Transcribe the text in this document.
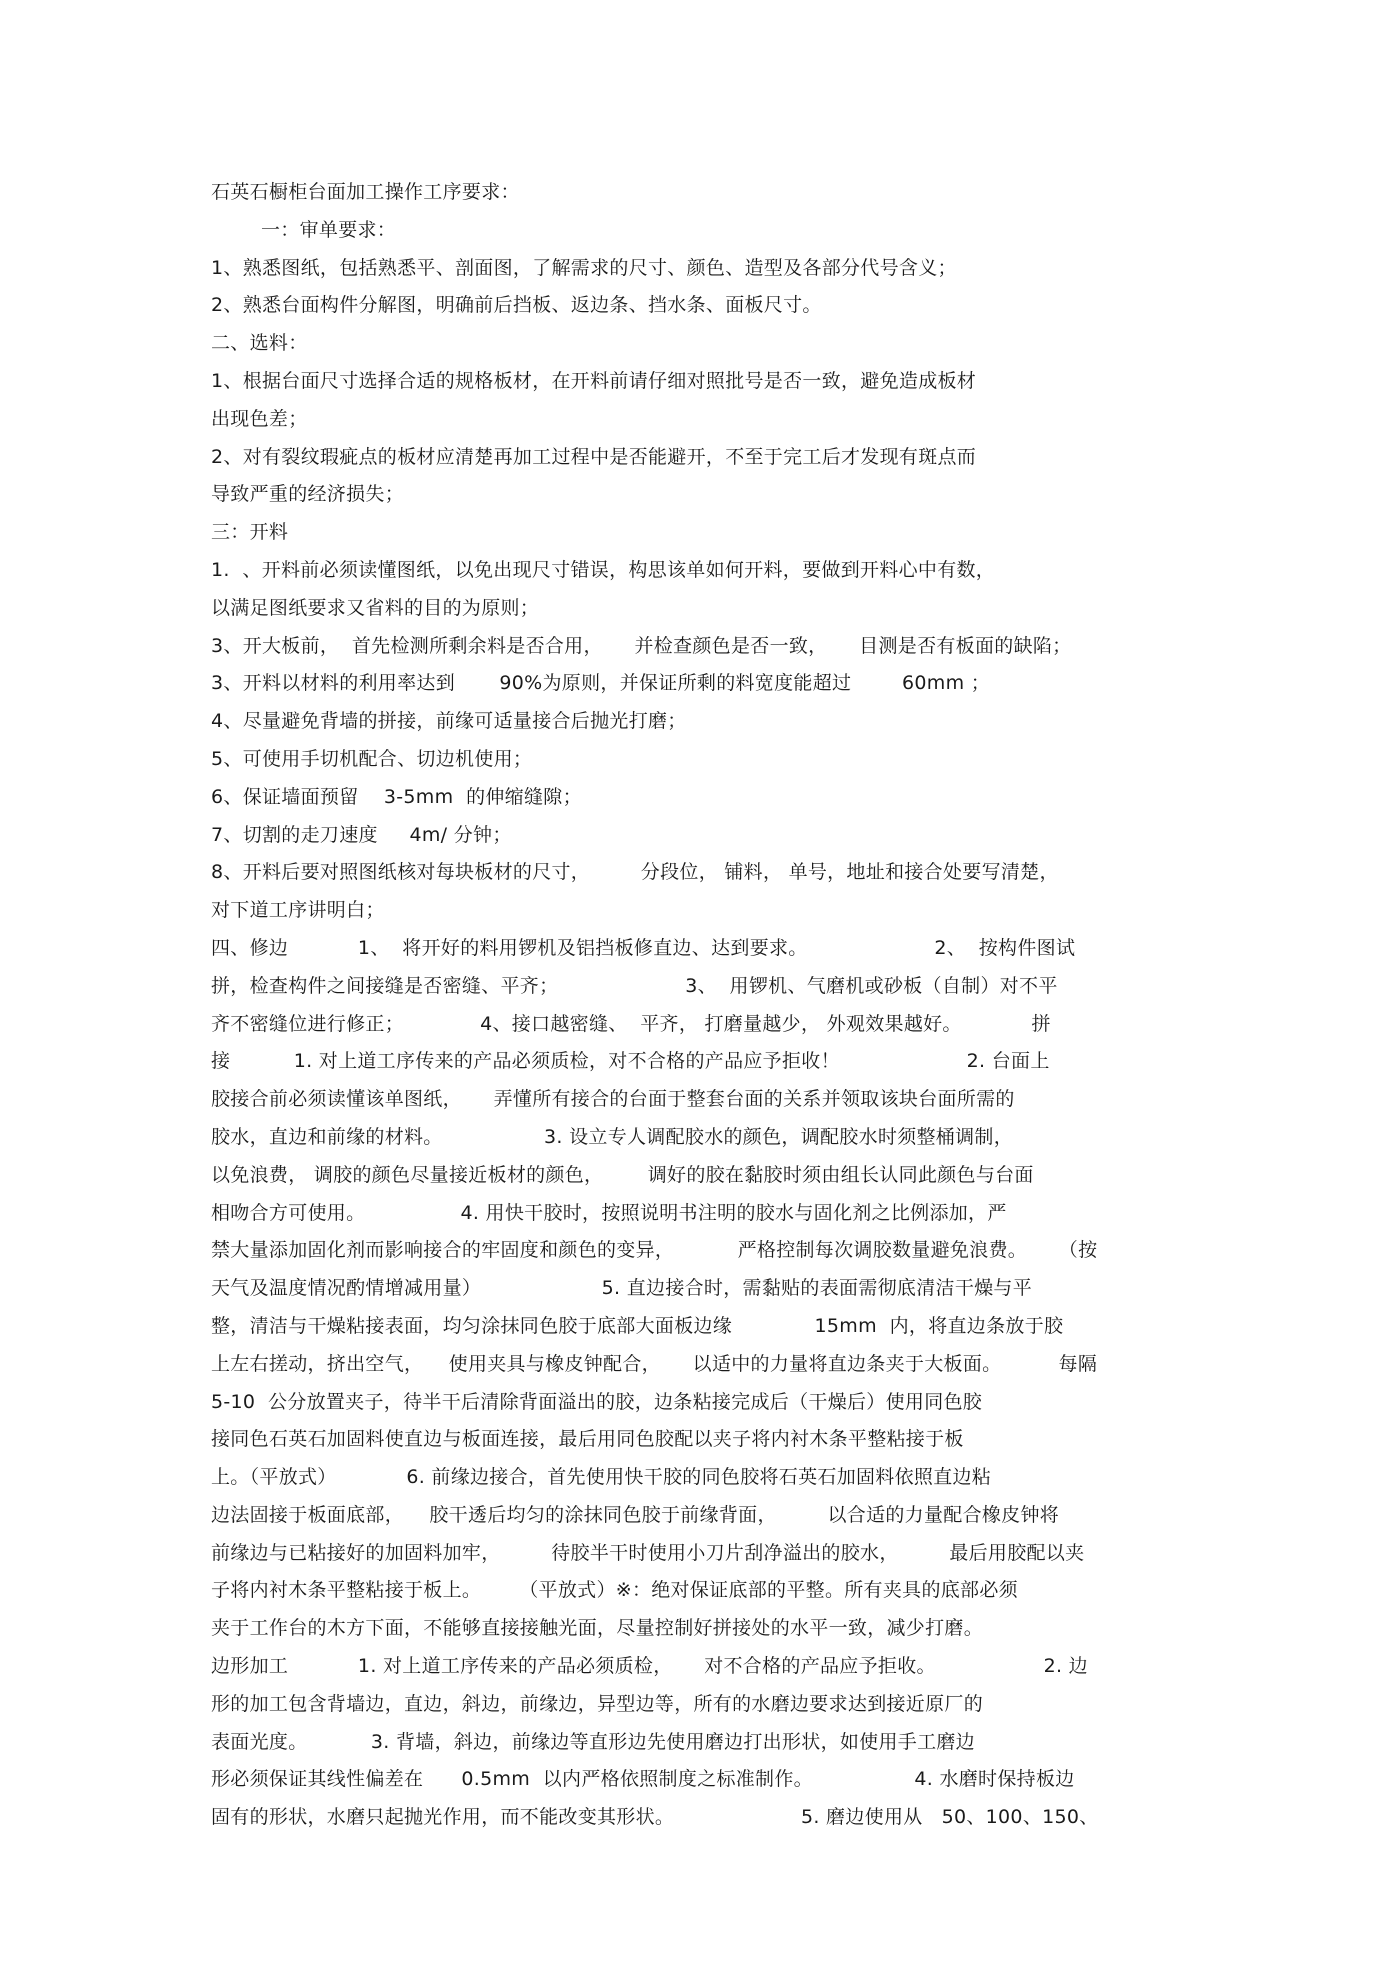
石英石橱柜台面加工操作工序要求：
一：审单要求：
1、熟悉图纸，包括熟悉平、剖面图，了解需求的尺寸、颜色、造型及各部分代号含义；
2、熟悉台面构件分解图，明确前后挡板、返边条、挡水条、面板尺寸。
二、选料：
1、根据台面尺寸选择合适的规格板材，在开料前请仔细对照批号是否一致，避免造成板材
出现色差；
2、对有裂纹瑕疵点的板材应清楚再加工过程中是否能避开，不至于完工后才发现有斑点而
导致严重的经济损失；
三：开料
1.  、开料前必须读懂图纸，以免出现尺寸错误，构思该单如何开料，要做到开料心中有数，
以满足图纸要求又省料的目的为原则；
3、开大板前，  首先检测所剩余料是否合用，     并检查颜色是否一致，     目测是否有板面的缺陷；
3、开料以材料的利用率达到       90%为原则，并保证所剩的料宽度能超过        60mm ；
4、尽量避免背墙的拼接，前缘可适量接合后抛光打磨；
5、可使用手切机配合、切边机使用；
6、保证墙面预留    3-5mm  的伸缩缝隙；
7、切割的走刀速度     4m/ 分钟；
8、开料后要对照图纸核对每块板材的尺寸，        分段位， 铺料， 单号，地址和接合处要写清楚，
对下道工序讲明白；
四、修边           1、  将开好的料用锣机及铝挡板修直边、达到要求。                    2、  按构件图试
拼，检查构件之间接缝是否密缝、平齐；                    3、  用锣机、气磨机或砂板（自制）对不平
齐不密缝位进行修正；            4、接口越密缝、  平齐， 打磨量越少， 外观效果越好。           拼
接          1. 对上道工序传来的产品必须质检，对不合格的产品应予拒收！                    2. 台面上
胶接合前必须读懂该单图纸，     弄懂所有接合的台面于整套台面的关系并领取该块台面所需的
胶水，直边和前缘的材料。                3. 设立专人调配胶水的颜色，调配胶水时须整桶调制，
以免浪费， 调胶的颜色尽量接近板材的颜色，       调好的胶在黏胶时须由组长认同此颜色与台面
相吻合方可使用。               4. 用快干胶时，按照说明书注明的胶水与固化剂之比例添加，严
禁大量添加固化剂而影响接合的牢固度和颜色的变异，          严格控制每次调胶数量避免浪费。     （按
天气及温度情况酌情增减用量）                   5. 直边接合时，需黏贴的表面需彻底清洁干燥与平
整，清洁与干燥粘接表面，均匀涂抹同色胶于底部大面板边缘             15mm  内，将直边条放于胶
上左右搓动，挤出空气，    使用夹具与橡皮钟配合，     以适中的力量将直边条夹于大板面。         每隔
5-10  公分放置夹子，待半干后清除背面溢出的胶，边条粘接完成后（干燥后）使用同色胶
接同色石英石加固料使直边与板面连接，最后用同色胶配以夹子将内衬木条平整粘接于板
上。（平放式）           6. 前缘边接合，首先使用快干胶的同色胶将石英石加固料依照直边粘
边法固接于板面底部，    胶干透后均匀的涂抹同色胶于前缘背面，        以合适的力量配合橡皮钟将
前缘边与已粘接好的加固料加牢，        待胶半干时使用小刀片刮净溢出的胶水，        最后用胶配以夹
子将内衬木条平整粘接于板上。      （平放式）※：绝对保证底部的平整。所有夹具的底部必须
夹于工作台的木方下面，不能够直接接触光面，尽量控制好拼接处的水平一致，减少打磨。
边形加工           1. 对上道工序传来的产品必须质检，     对不合格的产品应予拒收。                 2. 边
形的加工包含背墙边，直边，斜边，前缘边，异型边等，所有的水磨边要求达到接近原厂的
表面光度。          3. 背墙，斜边，前缘边等直形边先使用磨边打出形状，如使用手工磨边
形必须保证其线性偏差在      0.5mm  以内严格依照制度之标准制作。                4. 水磨时保持板边
固有的形状，水磨只起抛光作用，而不能改变其形状。                    5. 磨边使用从   50、100、150、
